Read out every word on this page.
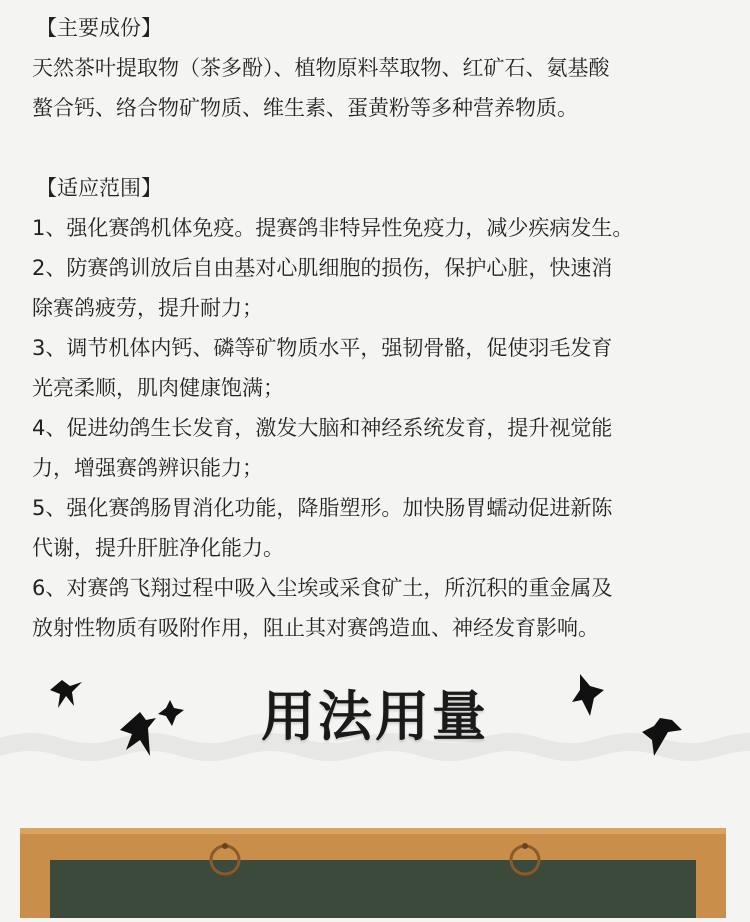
【主要成份】

天然茶叶提取物（茶多酚）、植物原料萃取物、红矿石、氨基酸

螯合钙、络合物矿物质、维生素、蛋黄粉等多种营养物质。

【适应范围】

1、强化赛鸽机体免疫。提赛鸽非特异性免疫力，减少疾病发生。

2、防赛鸽训放后自由基对心肌细胞的损伤，保护心脏，快速消

除赛鸽疲劳，提升耐力；

3、调节机体内钙、磷等矿物质水平，强韧骨骼，促使羽毛发育

光亮柔顺，肌肉健康饱满；

4、促进幼鸽生长发育，激发大脑和神经系统发育，提升视觉能

力，增强赛鸽辨识能力；

5、强化赛鸽肠胃消化功能，降脂塑形。加快肠胃蠕动促进新陈

代谢，提升肝脏净化能力。

6、对赛鸽飞翔过程中吸入尘埃或采食矿土，所沉积的重金属及

放射性物质有吸附作用，阻止其对赛鸽造血、神经发育影响。

用法用量
